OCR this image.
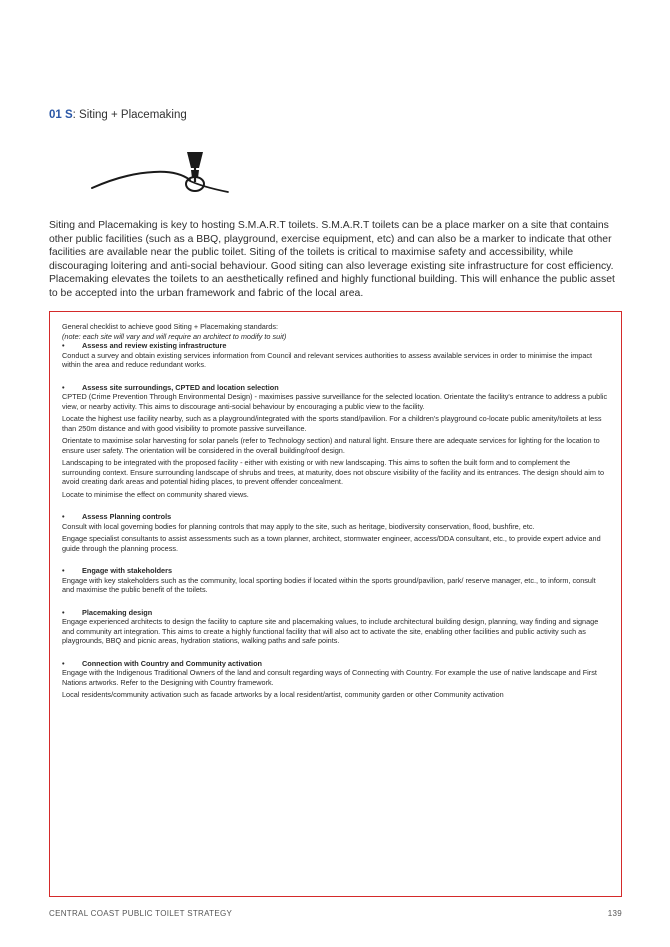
01 S: Siting + Placemaking

Siting and Placemaking is key to hosting S.M.A.R.T toilets. S.M.A.R.T toilets can be a place marker on a site that contains other public facilities (such as a BBQ, playground, exercise equipment, etc) and can also be a marker to indicate that other facilities are available near the public toilet. Siting of the toilets is critical to maximise safety and accessibility, while discouraging loitering and anti-social behaviour. Good siting can also leverage existing site infrastructure for cost efficiency. Placemaking elevates the toilets to an aesthetically refined and highly functional building. This will enhance the public asset to be accepted into the urban framework and fabric of the local area.

General checklist to achieve good Siting + Placemaking standards:

(note: each site will vary and will require an architect to modify to suit)

• Assess and review existing infrastructure

Conduct a survey and obtain existing services information from Council and relevant services authorities to assess available services in order to minimise the impact within the area and reduce redundant works.

• Assess site surroundings, CPTED and location selection

CPTED (Crime Prevention Through Environmental Design) - maximises passive surveillance for the selected location. Orientate the facility's entrance to address a public view, or nearby activity. This aims to discourage anti-social behaviour by encouraging a public view to the facility.

Locate the highest use facility nearby, such as a playground/integrated with the sports stand/pavilion. For a children's playground co-locate public amenity/toilets at less than 250m distance and with good visibility to promote passive surveillance.

Orientate to maximise solar harvesting for solar panels (refer to Technology section) and natural light. Ensure there are adequate services for lighting for the location to ensure user safety. The orientation will be considered in the overall building/roof design.

Landscaping to be integrated with the proposed facility - either with existing or with new landscaping. This aims to soften the built form and to complement the surrounding context. Ensure surrounding landscape of shrubs and trees, at maturity, does not obscure visibility of the facility and its entrances. The design should aim to avoid creating dark areas and potential hiding places, to prevent offender concealment.

Locate to minimise the effect on community shared views.

• Assess Planning controls

Consult with local governing bodies for planning controls that may apply to the site, such as heritage, biodiversity conservation, flood, bushfire, etc.

Engage specialist consultants to assist assessments such as a town planner, architect, stormwater engineer, access/DDA consultant, etc., to provide expert advice and guide through the planning process.

• Engage with stakeholders

Engage with key stakeholders such as the community, local sporting bodies if located within the sports ground/pavilion, park/ reserve manager, etc., to inform, consult and maximise the public benefit of the toilets.

• Placemaking design

Engage experienced architects to design the facility to capture site and placemaking values, to include architectural building design, planning, way finding and signage and community art integration. This aims to create a highly functional facility that will also act to activate the site, enabling other facilities and public activity such as playgrounds, BBQ and picnic areas, hydration stations, walking paths and safe points.

• Connection with Country and Community activation

Engage with the Indigenous Traditional Owners of the land and consult regarding ways of Connecting with Country. For example the use of native landscape and First Nations artworks. Refer to the Designing with Country framework.

Local residents/community activation such as facade artworks by a local resident/artist, community garden or other Community activation

CENTRAL COAST PUBLIC TOILET STRATEGY	139
